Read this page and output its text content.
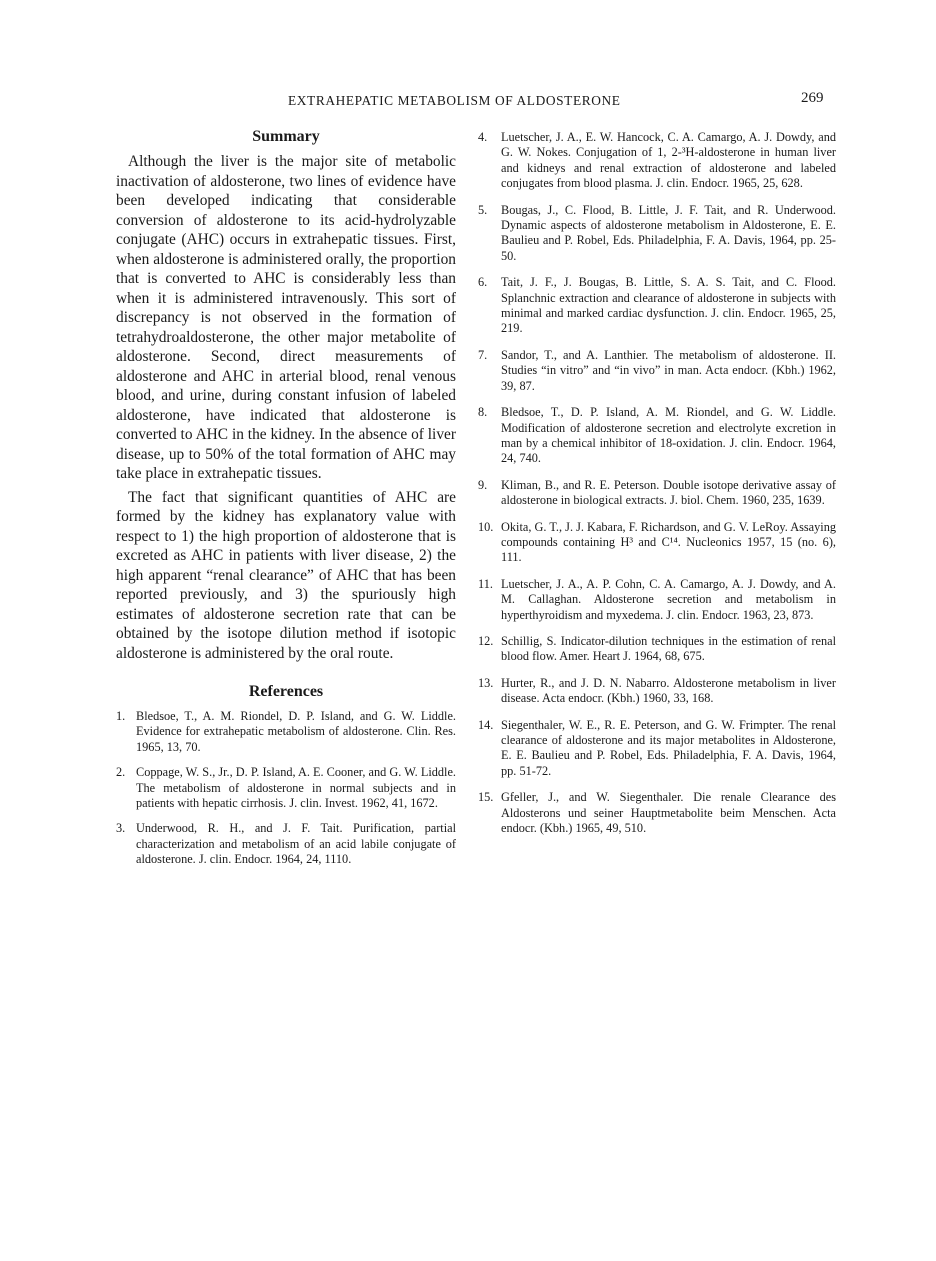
EXTRAHEPATIC METABOLISM OF ALDOSTERONE	269
Summary

Although the liver is the major site of metabolic inactivation of aldosterone, two lines of evidence have been developed indicating that considerable conversion of aldosterone to its acid-hydrolyzable conjugate (AHC) occurs in extrahepatic tissues. First, when aldosterone is administered orally, the proportion that is converted to AHC is considerably less than when it is administered intravenously. This sort of discrepancy is not observed in the formation of tetrahydroaldosterone, the other major metabolite of aldosterone. Second, direct measurements of aldosterone and AHC in arterial blood, renal venous blood, and urine, during constant infusion of labeled aldosterone, have indicated that aldosterone is converted to AHC in the kidney. In the absence of liver disease, up to 50% of the total formation of AHC may take place in extrahepatic tissues.

The fact that significant quantities of AHC are formed by the kidney has explanatory value with respect to 1) the high proportion of aldosterone that is excreted as AHC in patients with liver disease, 2) the high apparent “renal clearance” of AHC that has been reported previously, and 3) the spuriously high estimates of aldosterone secretion rate that can be obtained by the isotope dilution method if isotopic aldosterone is administered by the oral route.

References
1. Bledsoe, T., A. M. Riondel, D. P. Island, and G. W. Liddle. Evidence for extrahepatic metabolism of aldosterone. Clin. Res. 1965, 13, 70.
2. Coppage, W. S., Jr., D. P. Island, A. E. Cooner, and G. W. Liddle. The metabolism of aldosterone in normal subjects and in patients with hepatic cirrhosis. J. clin. Invest. 1962, 41, 1672.
3. Underwood, R. H., and J. F. Tait. Purification, partial characterization and metabolism of an acid labile conjugate of aldosterone. J. clin. Endocr. 1964, 24, 1110.
4. Luetscher, J. A., E. W. Hancock, C. A. Camargo, A. J. Dowdy, and G. W. Nokes. Conjugation of 1, 2-³H-aldosterone in human liver and kidneys and renal extraction of aldosterone and labeled conjugates from blood plasma. J. clin. Endocr. 1965, 25, 628.
5. Bougas, J., C. Flood, B. Little, J. F. Tait, and R. Underwood. Dynamic aspects of aldosterone metabolism in Aldosterone, E. E. Baulieu and P. Robel, Eds. Philadelphia, F. A. Davis, 1964, pp. 25-50.
6. Tait, J. F., J. Bougas, B. Little, S. A. S. Tait, and C. Flood. Splanchnic extraction and clearance of aldosterone in subjects with minimal and marked cardiac dysfunction. J. clin. Endocr. 1965, 25, 219.
7. Sandor, T., and A. Lanthier. The metabolism of aldosterone. II. Studies “in vitro” and “in vivo” in man. Acta endocr. (Kbh.) 1962, 39, 87.
8. Bledsoe, T., D. P. Island, A. M. Riondel, and G. W. Liddle. Modification of aldosterone secretion and electrolyte excretion in man by a chemical inhibitor of 18-oxidation. J. clin. Endocr. 1964, 24, 740.
9. Kliman, B., and R. E. Peterson. Double isotope derivative assay of aldosterone in biological extracts. J. biol. Chem. 1960, 235, 1639.
10. Okita, G. T., J. J. Kabara, F. Richardson, and G. V. LeRoy. Assaying compounds containing H³ and C¹⁴. Nucleonics 1957, 15 (no. 6), 111.
11. Luetscher, J. A., A. P. Cohn, C. A. Camargo, A. J. Dowdy, and A. M. Callaghan. Aldosterone secretion and metabolism in hyperthyroidism and myxedema. J. clin. Endocr. 1963, 23, 873.
12. Schillig, S. Indicator-dilution techniques in the estimation of renal blood flow. Amer. Heart J. 1964, 68, 675.
13. Hurter, R., and J. D. N. Nabarro. Aldosterone metabolism in liver disease. Acta endocr. (Kbh.) 1960, 33, 168.
14. Siegenthaler, W. E., R. E. Peterson, and G. W. Frimpter. The renal clearance of aldosterone and its major metabolites in Aldosterone, E. E. Baulieu and P. Robel, Eds. Philadelphia, F. A. Davis, 1964, pp. 51-72.
15. Gfeller, J., and W. Siegenthaler. Die renale Clearance des Aldosterons und seiner Hauptmetabolite beim Menschen. Acta endocr. (Kbh.) 1965, 49, 510.
